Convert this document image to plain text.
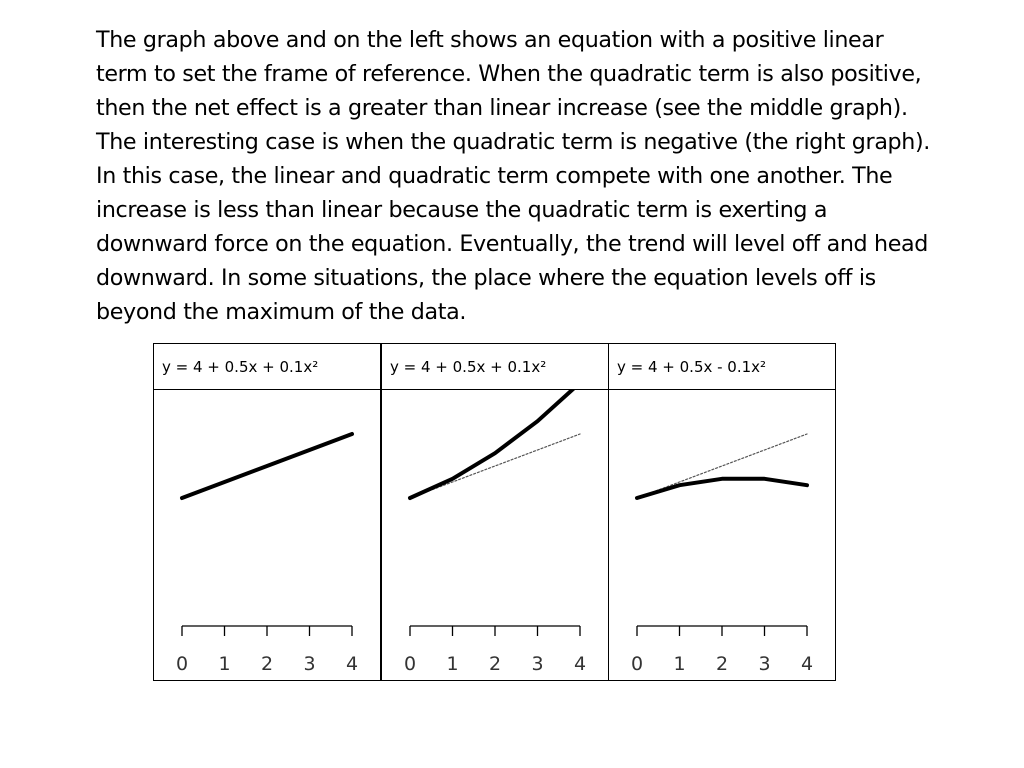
The graph above and on the left shows an equation with a positive linear
term to set the frame of reference. When the quadratic term is also positive,
then the net effect is a greater than linear increase (see the middle graph).
The interesting case is when the quadratic term is negative (the right graph).
In this case, the linear and quadratic term compete with one another. The
increase is less than linear because the quadratic term is exerting a
downward force on the equation. Eventually, the trend will level off and head
downward. In some situations, the place where the equation levels off is
beyond the maximum of the data.
y = 4 + 0.5x + 0.1x²
0 1 2 3 4
y = 4 + 0.5x + 0.1x²
0 1 2 3 4
y = 4 + 0.5x - 0.1x²
0 1 2 3 4
